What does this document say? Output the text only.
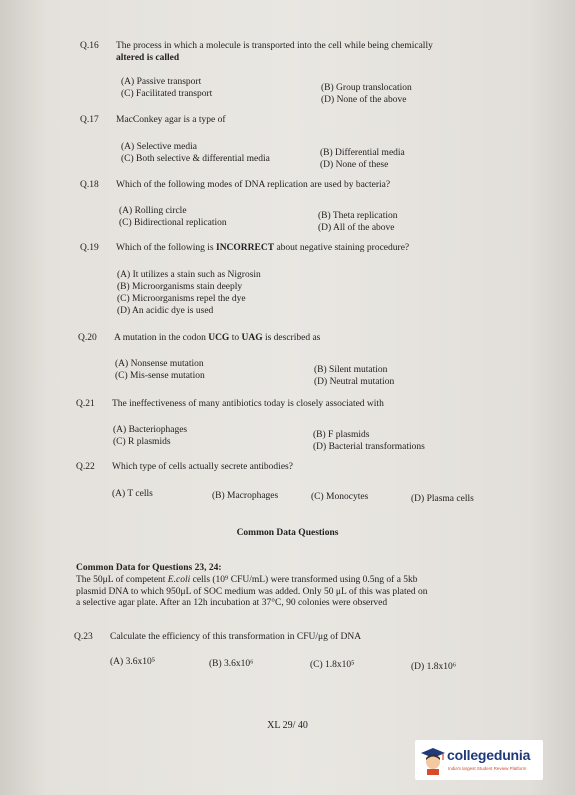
Q.16	The process in which a molecule is transported into the cell while being chemically
altered is called
(A) Passive transport
(B) Group translocation
(C) Facilitated transport
(D) None of the above
Q.17	MacConkey agar is a type of
(A) Selective media
(B) Differential media
(C) Both selective & differential media
(D) None of these
Q.18	Which of the following modes of DNA replication are used by bacteria?
(A) Rolling circle	(B) Theta replication
(C) Bidirectional replication	(D) All of the above
Q.19	Which of the following is INCORRECT about negative staining procedure?
(A) It utilizes a stain such as Nigrosin
(B) Microorganisms stain deeply
(C) Microorganisms repel the dye
(D) An acidic dye is used
Q.20	A mutation in the codon UCG to UAG is described as
(A) Nonsense mutation
(B) Silent mutation
(C) Mis-sense mutation
(D) Neutral mutation
Q.21	The ineffectiveness of many antibiotics today is closely associated with
(A) Bacteriophages	(B) F plasmids
(C) R plasmids	(D) Bacterial transformations
Q.22	Which type of cells actually secrete antibodies?
(A) T cells	(B) Macrophages	(C) Monocytes	(D) Plasma cells
Common Data Questions
Common Data for Questions 23, 24:
The 50μL of competent E.coli cells (10⁹ CFU/mL) were transformed using 0.5ng of a 5kb
plasmid DNA to which 950μL of SOC medium was added. Only 50 μL of this was plated on
a selective agar plate. After an 12h incubation at 37°C, 90 colonies were observed
Q.23	Calculate the efficiency of this transformation in CFU/μg of DNA
(A) 3.6x10⁵	(B) 3.6x10⁶	(C) 1.8x10⁵	(D) 1.8x10⁶
XL 29/ 40
collegedunia
India's largest Student Review Platform
